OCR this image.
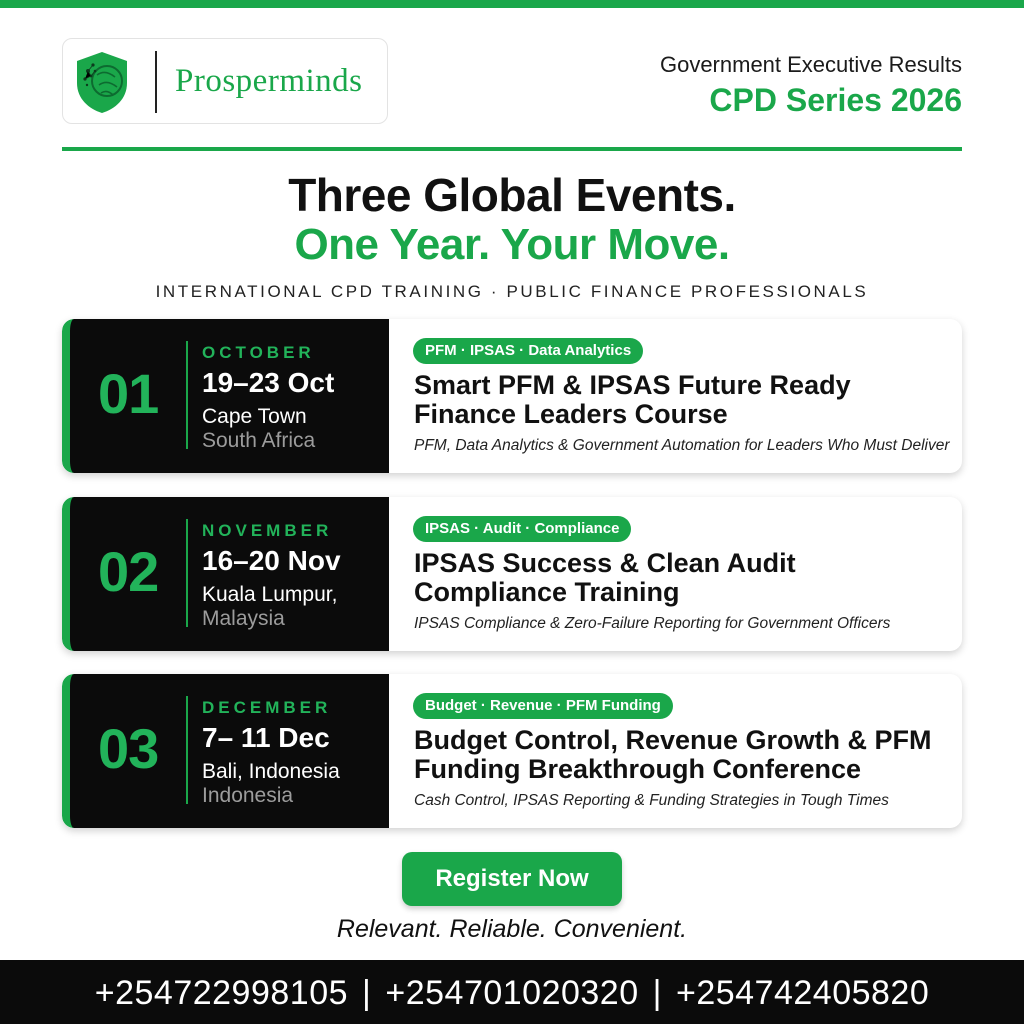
Prosperminds	Government Executive Results
CPD Series 2026
Three Global Events.
One Year. Your Move.
INTERNATIONAL CPD TRAINING · PUBLIC FINANCE PROFESSIONALS
01
OCTOBER
19–23 Oct
Cape Town
South Africa
PFM · IPSAS · Data Analytics
Smart PFM & IPSAS Future Ready Finance Leaders Course
PFM, Data Analytics & Government Automation for Leaders Who Must Deliver
02
NOVEMBER
16–20 Nov
Kuala Lumpur,
Malaysia
IPSAS · Audit · Compliance
IPSAS Success & Clean Audit Compliance Training
IPSAS Compliance & Zero-Failure Reporting for Government Officers
03
DECEMBER
7– 11 Dec
Bali, Indonesia
Indonesia
Budget · Revenue · PFM Funding
Budget Control, Revenue Growth & PFM Funding Breakthrough Conference
Cash Control, IPSAS Reporting & Funding Strategies in Tough Times
Register Now
Relevant. Reliable. Convenient.
+254722998105 | +254701020320 | +254742405820
